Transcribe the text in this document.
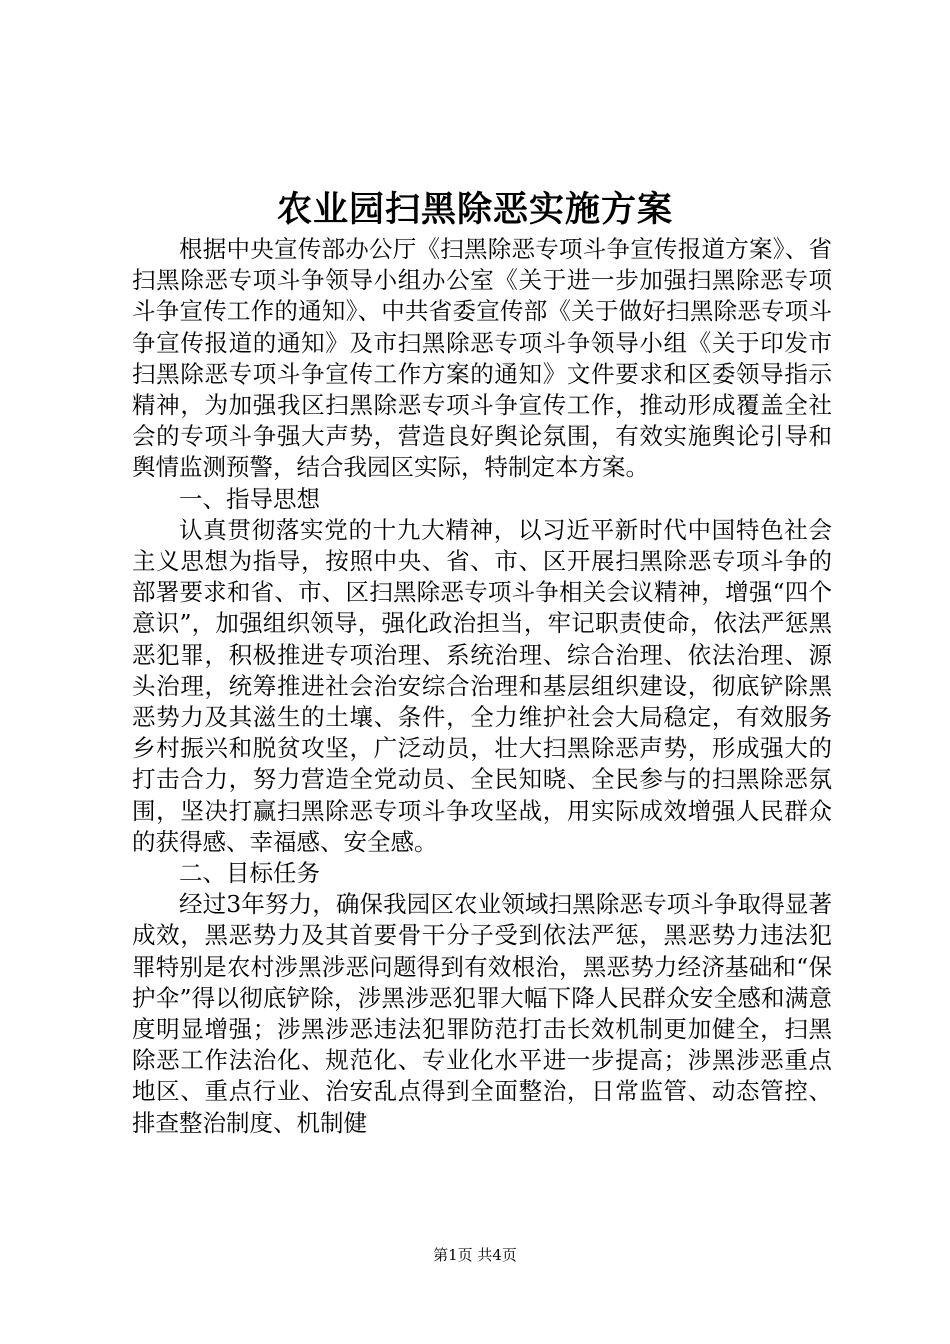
农业园扫黑除恶实施方案

根据中央宣传部办公厅《扫黑除恶专项斗争宣传报道方案》、省扫黑除恶专项斗争领导小组办公室《关于进一步加强扫黑除恶专项斗争宣传工作的通知》、中共省委宣传部《关于做好扫黑除恶专项斗争宣传报道的通知》及市扫黑除恶专项斗争领导小组《关于印发市扫黑除恶专项斗争宣传工作方案的通知》文件要求和区委领导指示精神，为加强我区扫黑除恶专项斗争宣传工作，推动形成覆盖全社会的专项斗争强大声势，营造良好舆论氛围，有效实施舆论引导和舆情监测预警，结合我园区实际，特制定本方案。

一、指导思想

认真贯彻落实党的十九大精神，以习近平新时代中国特色社会主义思想为指导，按照中央、省、市、区开展扫黑除恶专项斗争的部署要求和省、市、区扫黑除恶专项斗争相关会议精神，增强“四个意识”，加强组织领导，强化政治担当，牢记职责使命，依法严惩黑恶犯罪，积极推进专项治理、系统治理、综合治理、依法治理、源头治理，统筹推进社会治安综合治理和基层组织建设，彻底铲除黑恶势力及其滋生的土壤、条件，全力维护社会大局稳定，有效服务乡村振兴和脱贫攻坚，广泛动员，壮大扫黑除恶声势，形成强大的打击合力，努力营造全党动员、全民知晓、全民参与的扫黑除恶氛围，坚决打赢扫黑除恶专项斗争攻坚战，用实际成效增强人民群众的获得感、幸福感、安全感。

二、目标任务

经过3年努力，确保我园区农业领域扫黑除恶专项斗争取得显著成效，黑恶势力及其首要骨干分子受到依法严惩，黑恶势力违法犯罪特别是农村涉黑涉恶问题得到有效根治，黑恶势力经济基础和“保护伞”得以彻底铲除，涉黑涉恶犯罪大幅下降人民群众安全感和满意度明显增强；涉黑涉恶违法犯罪防范打击长效机制更加健全，扫黑除恶工作法治化、规范化、专业化水平进一步提高；涉黑涉恶重点地区、重点行业、治安乱点得到全面整治，日常监管、动态管控、排查整治制度、机制健

第1页 共4页
